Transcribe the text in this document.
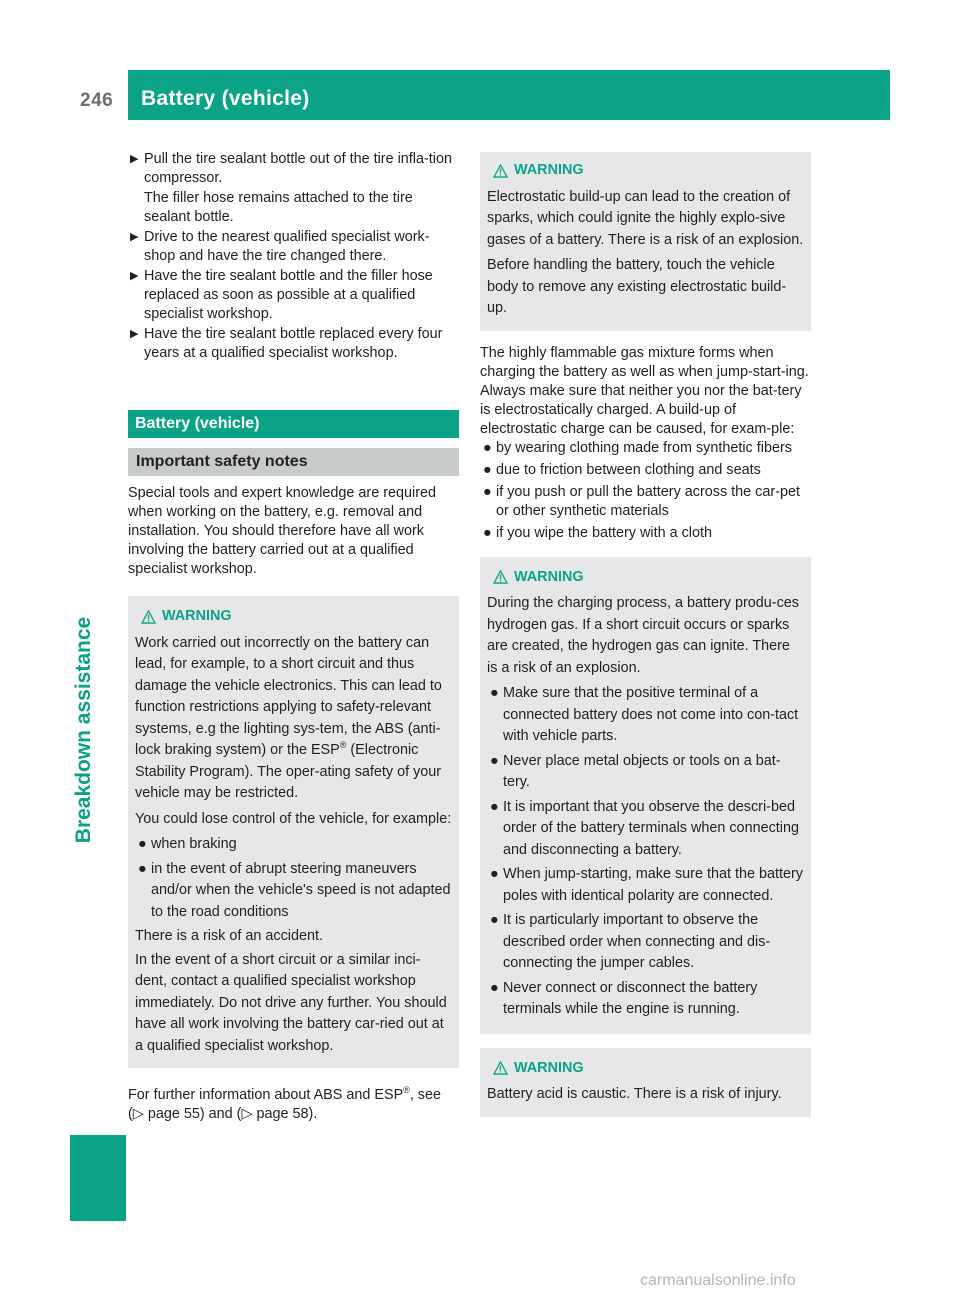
246 Battery (vehicle)
Breakdown assistance
▶ Pull the tire sealant bottle out of the tire infla-tion compressor.

The filler hose remains attached to the tire sealant bottle.

▶ Drive to the nearest qualified specialist work-shop and have the tire changed there.

▶ Have the tire sealant bottle and the filler hose replaced as soon as possible at a qualified specialist workshop.

▶ Have the tire sealant bottle replaced every four years at a qualified specialist workshop.

Battery (vehicle)
Important safety notes

Special tools and expert knowledge are required when working on the battery, e.g. removal and installation. You should therefore have all work involving the battery carried out at a qualified specialist workshop.

WARNING

Work carried out incorrectly on the battery can lead, for example, to a short circuit and thus damage the vehicle electronics. This can lead to function restrictions applying to safety-relevant systems, e.g the lighting sys-tem, the ABS (anti-lock braking system) or the ESP® (Electronic Stability Program). The oper-ating safety of your vehicle may be restricted.

You could lose control of the vehicle, for example:

● when braking

● in the event of abrupt steering maneuvers and/or when the vehicle's speed is not adapted to the road conditions

There is a risk of an accident.

In the event of a short circuit or a similar inci-dent, contact a qualified specialist workshop immediately. Do not drive any further. You should have all work involving the battery car-ried out at a qualified specialist workshop.

For further information about ABS and ESP®, see (▷ page 55) and (▷ page 58).

WARNING

Electrostatic build-up can lead to the creation of sparks, which could ignite the highly explo-sive gases of a battery. There is a risk of an explosion.

Before handling the battery, touch the vehicle body to remove any existing electrostatic build-up.

The highly flammable gas mixture forms when charging the battery as well as when jump-start-ing.

Always make sure that neither you nor the bat-tery is electrostatically charged. A build-up of electrostatic charge can be caused, for exam-ple:

● by wearing clothing made from synthetic fibers

● due to friction between clothing and seats

● if you push or pull the battery across the car-pet or other synthetic materials

● if you wipe the battery with a cloth

WARNING

During the charging process, a battery produ-ces hydrogen gas. If a short circuit occurs or sparks are created, the hydrogen gas can ignite. There is a risk of an explosion.

● Make sure that the positive terminal of a connected battery does not come into con-tact with vehicle parts.

● Never place metal objects or tools on a bat-tery.

● It is important that you observe the descri-bed order of the battery terminals when connecting and disconnecting a battery.

● When jump-starting, make sure that the battery poles with identical polarity are connected.

● It is particularly important to observe the described order when connecting and dis-connecting the jumper cables.

● Never connect or disconnect the battery terminals while the engine is running.

WARNING

Battery acid is caustic. There is a risk of injury.

carmanualsonline.info
